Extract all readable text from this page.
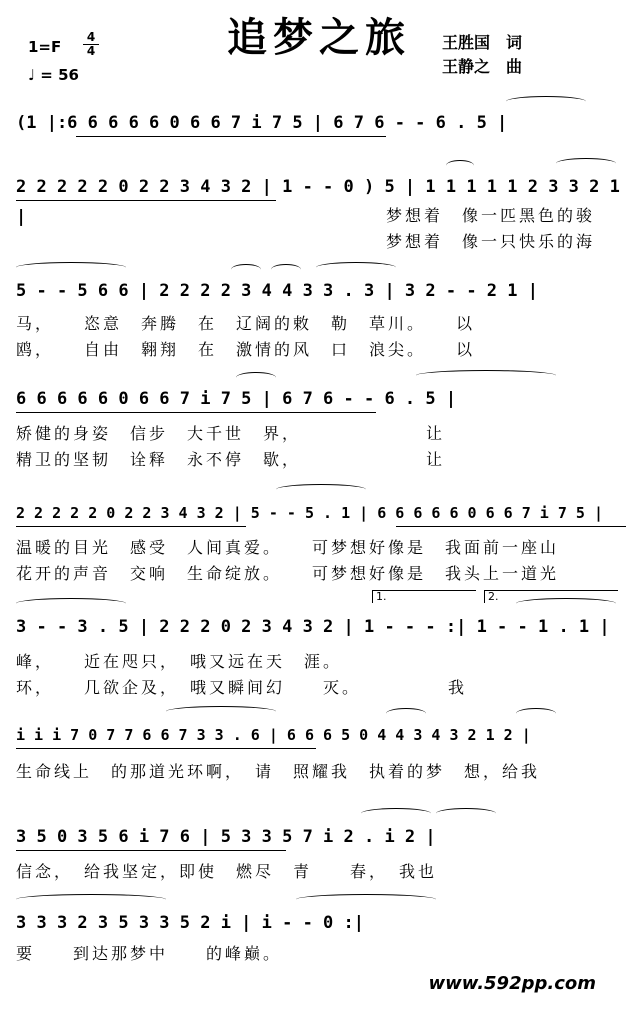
追梦之旅
1=F
4
4
♩ = 56
王胜国　词
王静之　曲
(1 |:6 6 6 6 6 0 6 6 7 i 7 5 | 6 7 6 - - 6 . 5 |
2 2 2 2 2 0 2 2 3 4 3 2 | 1 - - 0 ) 5 | 1 1 1 1 1 2 3 3 2 1 |	梦想着　像一匹黑色的骏
梦想着　像一只快乐的海
5 - - 5 6 6 | 2 2 2 2 3 4 4 3 3 . 3 | 3 2 - - 2 1 |
马，　　恣意　奔腾　在　辽阔的敕　勒　草川。　　以
鸥，　　自由　翱翔　在　激情的风　口　浪尖。　　以
6 6 6 6 6 0 6 6 7 i 7 5 | 6 7 6 - - 6 . 5 |
矫健的身姿　信步　大千世　界，　　　　　　　让
精卫的坚韧　诠释　永不停　歇，　　　　　　　让
2 2 2 2 2 0 2 2 3 4 3 2 | 5 - - 5 . 1 | 6 6 6 6 6 0 6 6 7 i 7 5 |
温暖的目光　感受　人间真爱。　　可梦想好像是　我面前一座山
花开的声音　交响　生命绽放。　　可梦想好像是　我头上一道光
1.	2.
3 - - 3 . 5 | 2 2 2 0 2 3 4 3 2 | 1 - - - :| 1 - - 1 . 1 |
峰，　　近在咫只，　哦又远在天　涯。
环，　　几欲企及，　哦又瞬间幻　　灭。　　　　　我
i i i 7 0 7 7 6 6 7 3 3 . 6 | 6 6 6 5 0 4 4 3 4 3 2 1 2 |
生命线上　的那道光环啊，　请　照耀我　执着的梦　想，给我
3 5 0 3 5 6 i 7 6 | 5 3 3 5 7 i 2 . i 2 |
信念，　给我坚定，即使　燃尽　青　　春，　我也
3 3 3 2 3 5 3 3 5 2 i | i - - 0 :|
要　　到达那梦中　　的峰巅。
www.592pp.com
